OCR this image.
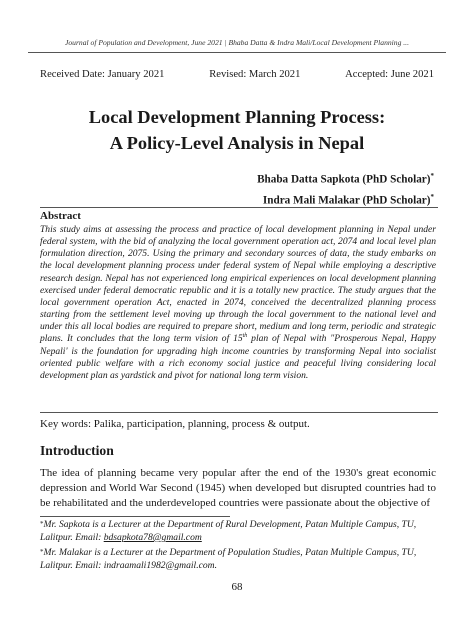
Journal of Population and Development, June 2021 | Bhaba Datta & Indra Mali/Local Development Planning ...
Received Date: January 2021	Revised: March 2021	Accepted: June 2021
Local Development Planning Process:
A Policy-Level Analysis in Nepal
Bhaba Datta Sapkota (PhD Scholar)*
Indra Mali Malakar (PhD Scholar)*
Abstract
This study aims at assessing the process and practice of local development planning in Nepal under federal system, with the bid of analyzing the local government operation act, 2074 and local level plan formulation direction, 2075. Using the primary and secondary sources of data, the study embarks on the local development planning process under federal system of Nepal while employing a descriptive research design. Nepal has not experienced long empirical experiences on local development planning exercised under federal democratic republic and it is a totally new practice. The study argues that the local government operation Act, enacted in 2074, conceived the decentralized planning process starting from the settlement level moving up through the local government to the national level and under this all local bodies are required to prepare short, medium and long term, periodic and strategic plans. It concludes that the long term vision of 15th plan of Nepal with "Prosperous Nepal, Happy Nepali' is the foundation for upgrading high income countries by transforming Nepal into socialist oriented public welfare with a rich economy social justice and peaceful living considering local development plan as yardstick and pivot for national long term vision.
Key words: Palika, participation, planning, process & output.
Introduction
The idea of planning became very popular after the end of the 1930's great economic depression and World War Second (1945) when developed but disrupted countries had to be rehabilitated and the underdeveloped countries were passionate about the objective of
*Mr. Sapkota is a Lecturer at the Department of Rural Development, Patan Multiple Campus, TU, Lalitpur. Email: bdsapkota78@gmail.com
*Mr. Malakar is a Lecturer at the Department of Population Studies, Patan Multiple Campus, TU, Lalitpur. Email: indraamali1982@gmail.com.
68
